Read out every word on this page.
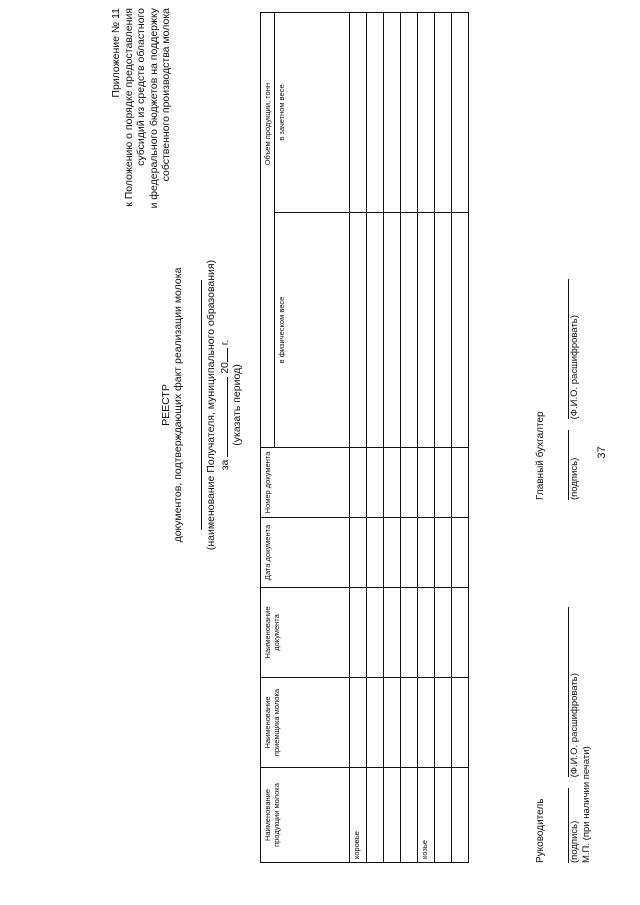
37
Приложение № 11 к Положению о порядке предоставления субсидий из средств областного и федерального бюджетов на поддержку собственного производства молока
РЕЕСТР документов, подтверждающих факт реализации молока (наименование Получателя, муниципального образования) за  20 г.
(указать период)
Наименование продукции молока	Наименование приемщика молока	Наименование документа	Дата документа	Номер документа	Объем продукции, тонн	
					в физическом весе	в зачетном весе
коровье						

козье						

							Руководитель
(подпись) (Ф.И.О. расшифровать)
М.П. (при наличии печати)
Главный бухгалтер
(подпись) (Ф.И.О. расшифровать)
